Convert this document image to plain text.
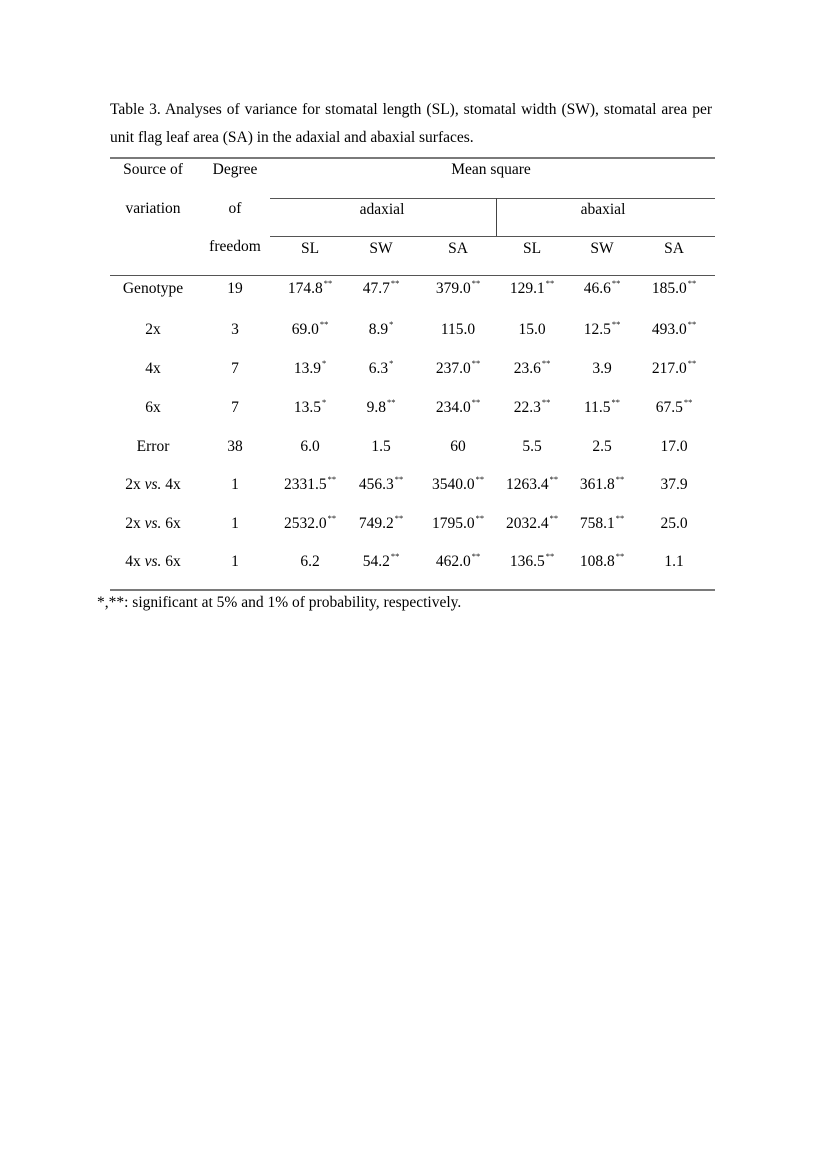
Table 3. Analyses of variance for stomatal length (SL), stomatal width (SW), stomatal area per unit flag leaf area (SA) in the adaxial and abaxial surfaces.

Source of
variation
Degree
of
freedom
Mean square
adaxial	abaxial
SL	SW	SA	SL	SW	SA
Genotype	19	174.8** 47.7** 379.0** 129.1** 46.6** 185.0**
2x	3	69.0**	8.9*	115.0	15.0 12.5** 493.0**
4x	7	13.9*	6.3*	237.0** 23.6**	3.9	217.0**
6x	7	13.5*	9.8**	234.0** 22.3** 11.5** 67.5**
Error	38	6.0	1.5	60	5.5	2.5	17.0
2x vs. 4x	1	2331.5** 456.3** 3540.0** 1263.4** 361.8** 37.9
2x vs. 6x	1	2532.0** 749.2** 1795.0** 2032.4** 758.1** 25.0
4x vs. 6x	1	6.2	54.2** 462.0** 136.5** 108.8**	1.1

*,**: significant at 5% and 1% of probability, respectively.
